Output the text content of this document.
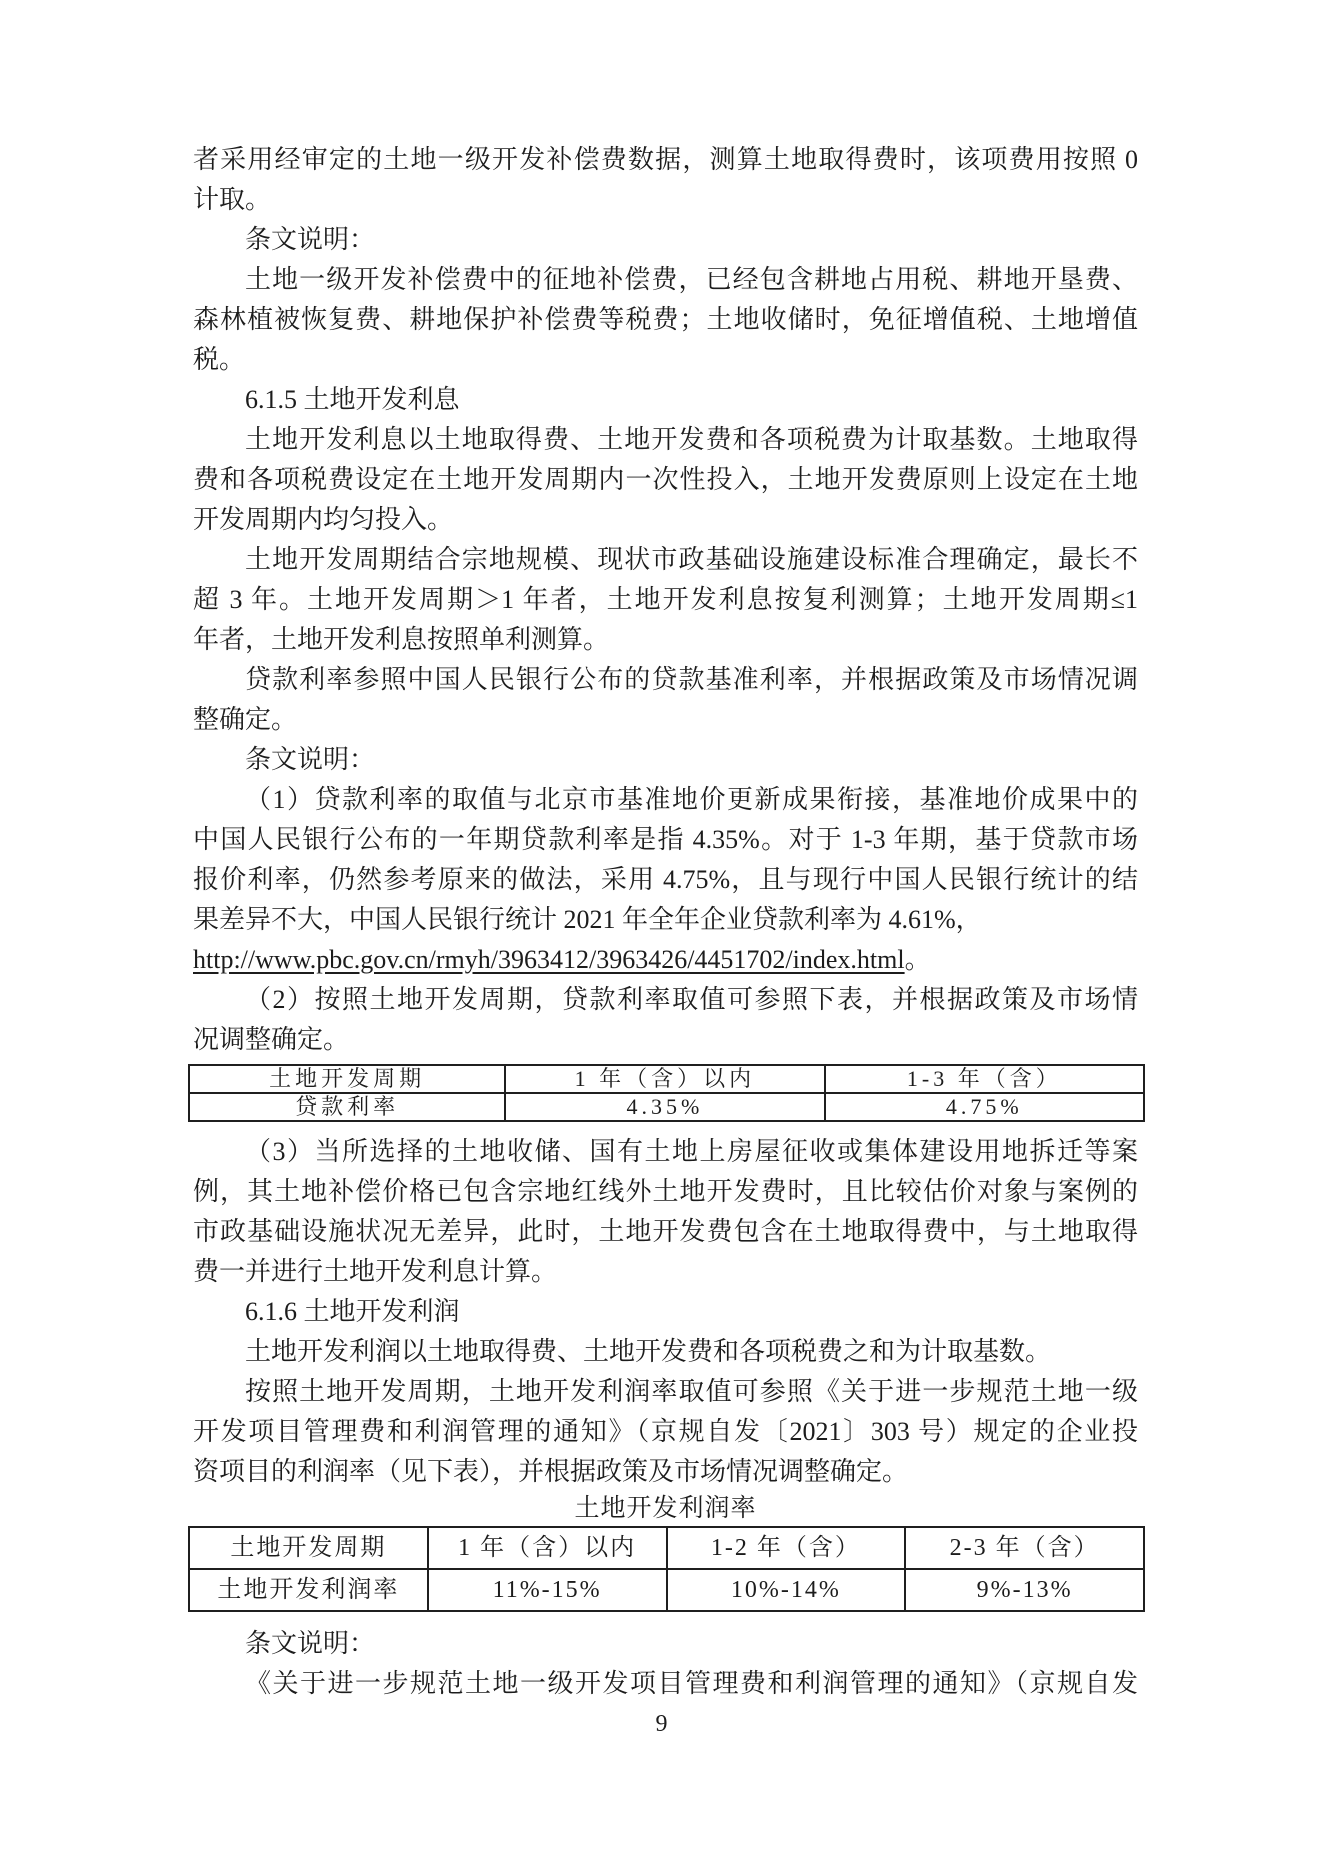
者采用经审定的土地一级开发补偿费数据，测算土地取得费时，该项费用按照 0
计取。
条文说明：
土地一级开发补偿费中的征地补偿费，已经包含耕地占用税、耕地开垦费、
森林植被恢复费、耕地保护补偿费等税费；土地收储时，免征增值税、土地增值
税。
6.1.5 土地开发利息
土地开发利息以土地取得费、土地开发费和各项税费为计取基数。土地取得
费和各项税费设定在土地开发周期内一次性投入，土地开发费原则上设定在土地
开发周期内均匀投入。
土地开发周期结合宗地规模、现状市政基础设施建设标准合理确定，最长不
超 3 年。土地开发周期＞1 年者，土地开发利息按复利测算；土地开发周期≤1
年者，土地开发利息按照单利测算。
贷款利率参照中国人民银行公布的贷款基准利率，并根据政策及市场情况调
整确定。
条文说明：
（1）贷款利率的取值与北京市基准地价更新成果衔接，基准地价成果中的
中国人民银行公布的一年期贷款利率是指 4.35%。对于 1-3 年期，基于贷款市场
报价利率，仍然参考原来的做法，采用 4.75%，且与现行中国人民银行统计的结
果差异不大，中国人民银行统计 2021 年全年企业贷款利率为 4.61%，
http://www.pbc.gov.cn/rmyh/3963412/3963426/4451702/index.html。
（2）按照土地开发周期，贷款利率取值可参照下表，并根据政策及市场情
况调整确定。
土地开发周期	1 年（含）以内	1-3 年（含）
贷款利率	4.35%	4.75%
（3）当所选择的土地收储、国有土地上房屋征收或集体建设用地拆迁等案
例，其土地补偿价格已包含宗地红线外土地开发费时，且比较估价对象与案例的
市政基础设施状况无差异，此时，土地开发费包含在土地取得费中，与土地取得
费一并进行土地开发利息计算。
6.1.6 土地开发利润
土地开发利润以土地取得费、土地开发费和各项税费之和为计取基数。
按照土地开发周期，土地开发利润率取值可参照《关于进一步规范土地一级
开发项目管理费和利润管理的通知》（京规自发〔2021〕303 号）规定的企业投
资项目的利润率（见下表），并根据政策及市场情况调整确定。
土地开发利润率
土地开发周期	1 年（含）以内	1-2 年（含）	2-3 年（含）
土地开发利润率	11%-15%	10%-14%	9%-13%
条文说明：
《关于进一步规范土地一级开发项目管理费和利润管理的通知》（京规自发
9
